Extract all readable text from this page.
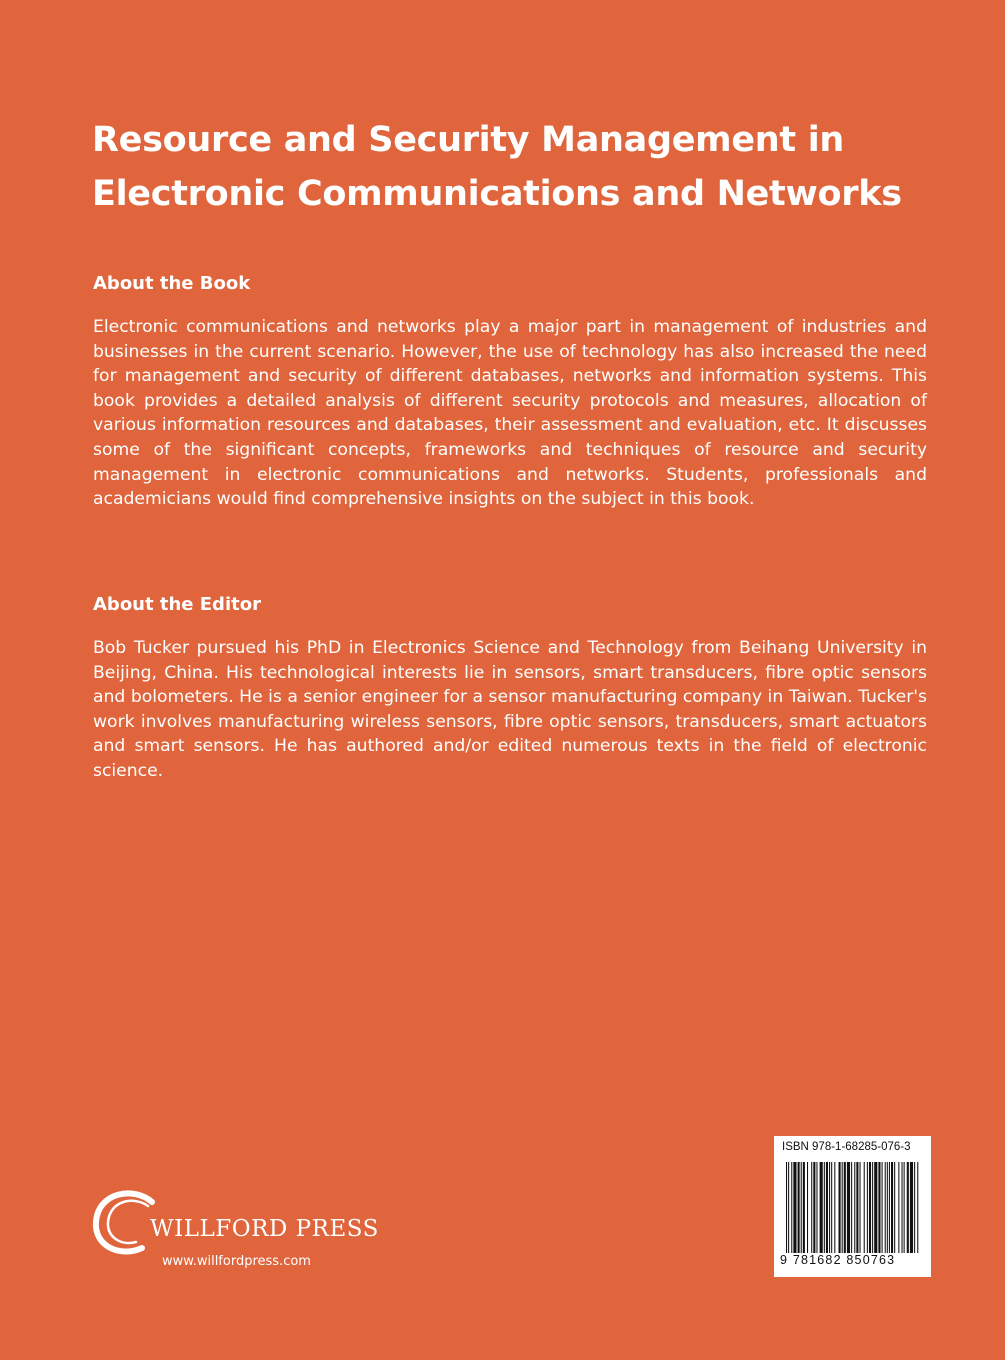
Resource and Security Management in
Electronic Communications and Networks
About the Book

Electronic communications and networks play a major part in management of industries and businesses in the current scenario. However, the use of technology has also increased the need for management and security of different databases, networks and information systems. This book provides a detailed analysis of different security protocols and measures, allocation of various information resources and databases, their assessment and evaluation, etc. It discusses some of the significant concepts, frameworks and techniques of resource and security management in electronic communications and networks. Students, professionals and academicians would find comprehensive insights on the subject in this book.

About the Editor

Bob Tucker pursued his PhD in Electronics Science and Technology from Beihang University in Beijing, China. His technological interests lie in sensors, smart transducers, fibre optic sensors and bolometers. He is a senior engineer for a sensor manufacturing company in Taiwan. Tucker's work involves manufacturing wireless sensors, fibre optic sensors, transducers, smart actuators and smart sensors. He has authored and/or edited numerous texts in the field of electronic science.

WILLFORD PRESS
www.willfordpress.com
ISBN 978-1-68285-076-3
9 781682 850763
